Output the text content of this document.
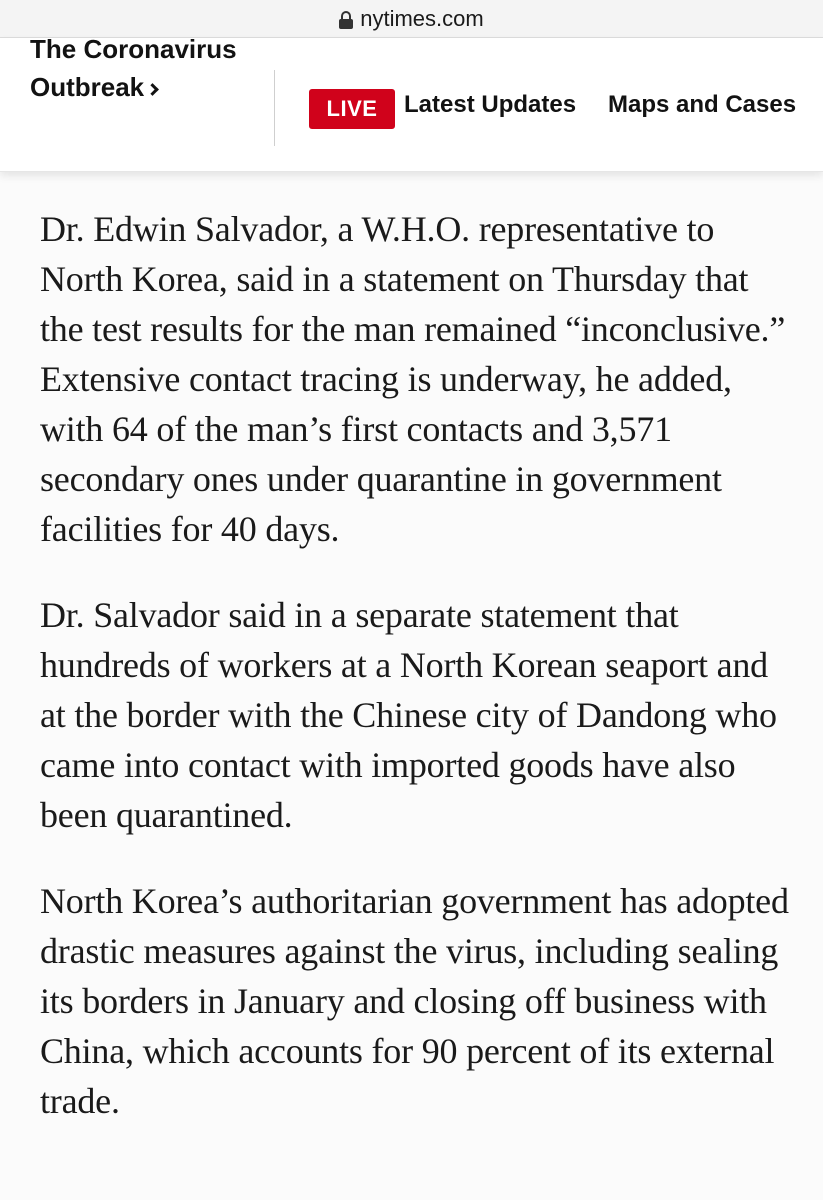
nytimes.com
The Coronavirus
Outbreak
LIVE	Latest Updates Maps and Cases

Dr. Edwin Salvador, a W.H.O. representative to North Korea, said in a statement on Thursday that the test results for the man remained “inconclusive.” Extensive contact tracing is underway, he added, with 64 of the man’s first contacts and 3,571 secondary ones under quarantine in government facilities for 40 days.

Dr. Salvador said in a separate statement that hundreds of workers at a North Korean seaport and at the border with the Chinese city of Dandong who came into contact with imported goods have also been quarantined.

North Korea’s authoritarian government has adopted drastic measures against the virus, including sealing its borders in January and closing off business with China, which accounts for 90 percent of its external trade.
